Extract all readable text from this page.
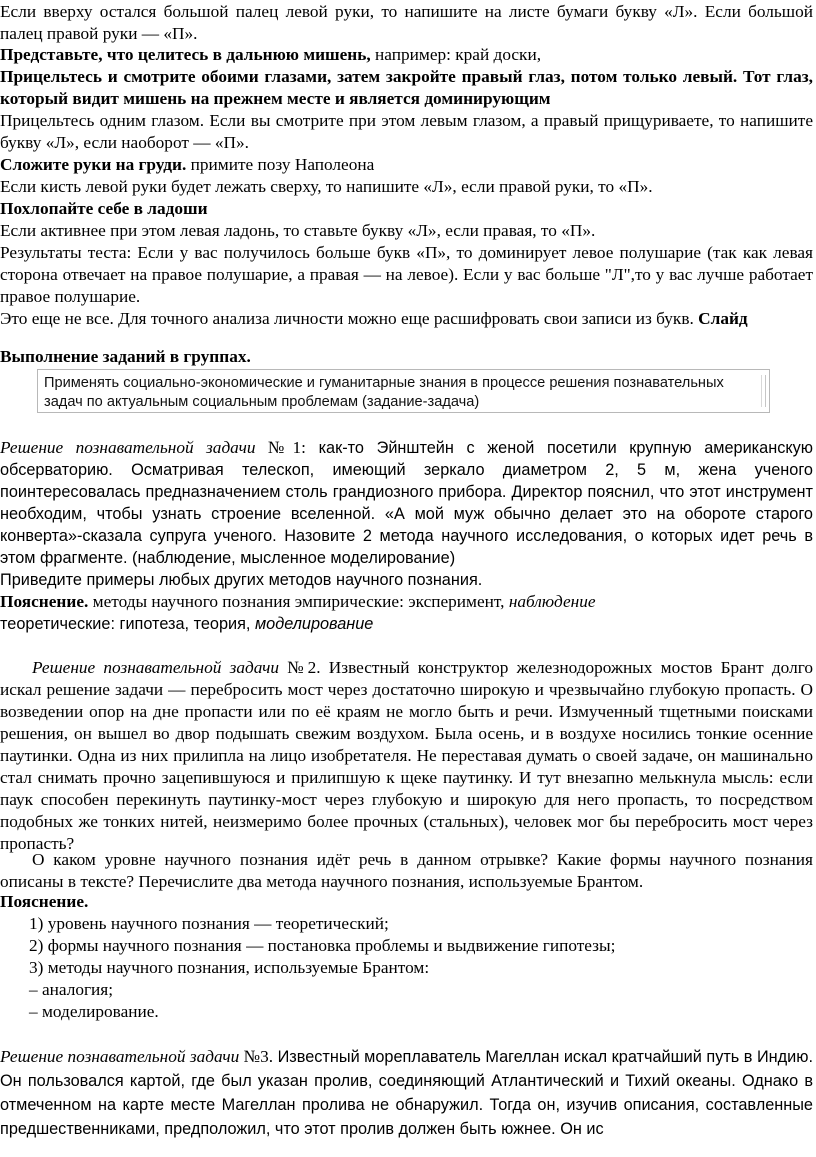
Если вверху остался большой палец левой руки, то напишите на листе бумаги букву «Л». Если большой палец правой руки — «П».

Представьте, что целитесь в дальнюю мишень, например: край доски,

Прицельтесь и смотрите обоими глазами, затем закройте правый глаз, потом только левый. Тот глаз, который видит мишень на прежнем месте и является доминирующим

Прицельтесь одним глазом. Если вы смотрите при этом левым глазом, а правый прищуриваете, то напишите букву «Л», если наоборот — «П».

Сложите руки на груди. примите позу Наполеона

Если кисть левой руки будет лежать сверху, то напишите «Л», если правой руки, то «П».

Похлопайте себе в ладоши

Если активнее при этом левая ладонь, то ставьте букву «Л», если правая, то «П».

Результаты теста: Если у вас получилось больше букв «П», то доминирует левое полушарие (так как левая сторона отвечает на правое полушарие, а правая — на левое). Если у вас больше "Л",то у вас лучше работает правое полушарие.

Это еще не все. Для точного анализа личности можно еще расшифровать свои записи из букв. Слайд

Выполнение заданий в группах.

Применять социально-экономические и гуманитарные знания в процессе решения познавательных задач по актуальным социальным проблемам (задание-задача)

Решение познавательной задачи №1: как-то Эйнштейн с женой посетили крупную американскую обсерваторию. Осматривая телескоп, имеющий зеркало диаметром 2, 5 м, жена ученого поинтересовалась предназначением столь грандиозного прибора. Директор пояснил, что этот инструмент необходим, чтобы узнать строение вселенной. «А мой муж обычно делает это на обороте старого конверта»-сказала супруга ученого. Назовите 2 метода научного исследования, о которых идет речь в этом фрагменте. (наблюдение, мысленное моделирование)

Приведите примеры любых других методов научного познания.

Пояснение. методы научного познания эмпирические: эксперимент, наблюдение

теоретические: гипотеза, теория, моделирование

Решение познавательной задачи №2. Известный конструктор железнодорожных мостов Брант долго искал решение задачи — перебросить мост через достаточно широкую и чрезвычайно глубокую пропасть. О возведении опор на дне пропасти или по её краям не могло быть и речи. Измученный тщетными поисками решения, он вышел во двор подышать свежим воздухом. Была осень, и в воздухе носились тонкие осенние паутинки. Одна из них прилипла на лицо изобретателя. Не переставая думать о своей задаче, он машинально стал снимать прочно зацепившуюся и прилипшую к щеке паутинку. И тут внезапно мелькнула мысль: если паук способен перекинуть паутинку-мост через глубокую и широкую для него пропасть, то посредством подобных же тонких нитей, неизмеримо более прочных (стальных), человек мог бы перебросить мост через пропасть?

О каком уровне научного познания идёт речь в данном отрывке? Какие формы научного познания описаны в тексте? Перечислите два метода научного познания, используемые Брантом.

Пояснение.

1) уровень научного познания — теоретический;

2) формы научного познания — постановка проблемы и выдвижение гипотезы;

3) методы научного познания, используемые Брантом:

– аналогия;

– моделирование.

Решение познавательной задачи №3. Известный мореплаватель Магеллан искал кратчайший путь в Индию. Он пользовался картой, где был указан пролив, соединяющий Атлантический и Тихий океаны. Однако в отмеченном на карте месте Магеллан пролива не обнаружил. Тогда он, изучив описания, составленные предшественниками, предположил, что этот пролив должен быть южнее. Он ис
